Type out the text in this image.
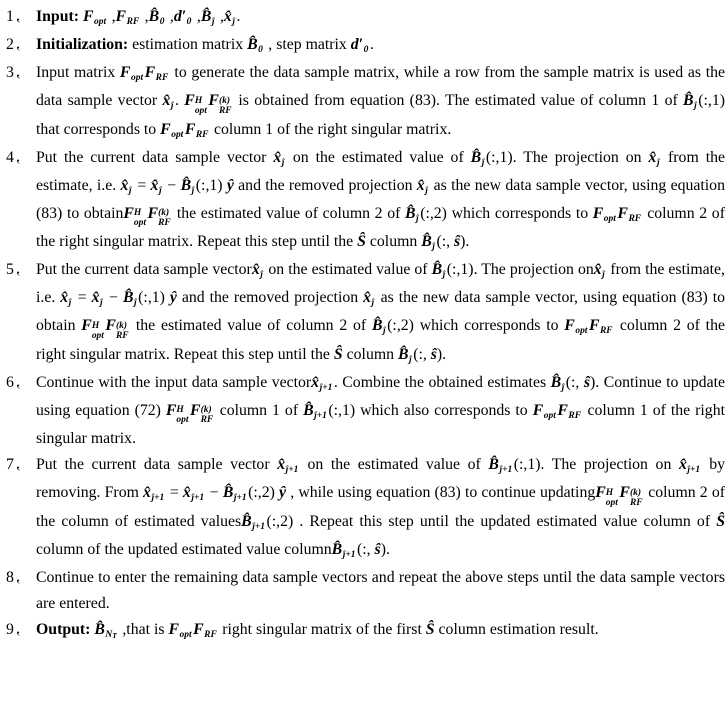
1 ,	Input: $F_{opt}$ $,F_{RF}$ $,B̂_0$ $,d'_0$ $,B̂_ĵ$ $,x̂_ĵ$.
2 ,	Initialization: estimation matrix $B̂_0$ , step matrix $d'_0$.
3 ,	Input matrix $F_{opt}F_{RF}$ to generate the data sample matrix, while a row from the sample matrix is used as the data sample vector $x̂_ĵ$. F H
opt
F (k)
RF
is obtained from equation (83). The estimated value of column 1 of $B̂_ĵ(:,1)$ that corresponds to $F_{opt}F_{RF}$ column 1 of the right singular matrix.
4 ,	Put the current data sample vector $x̂_ĵ$ on the estimated value of $B̂_ĵ(:,1)$. The projection on $x̂_ĵ$ from the estimate, i.e. $x̂_ĵ$ = $x̂_ĵ$ − $B̂_ĵ(:,1)$ ŷ and the removed projection $x̂_ĵ$ as the new data sample vector, using equation (83) to obtainF H
opt
F (k)
RF
the estimated value of column 2 of $B̂_ĵ(:,2)$ which corresponds to $F_{opt}F_{RF}$ column 2 of the right singular matrix. Repeat this step until the Ŝ column $B̂_ĵ$(:, ŝ).
5 ,	Put the current data sample $vectorx̂_ĵ$ on the estimated value of $B̂_ĵ(:,1)$. The projection $onx̂_ĵ$ from the estimate, i.e. $x̂_ĵ$ = $x̂_ĵ$ − $B̂_ĵ(:,1)$ ŷ and the removed projection $x̂_ĵ$ as the new data sample vector, using equation (83) to obtain F H
opt
F (k)
RF
the estimated value of column 2 of $B̂_ĵ(:,2)$ which corresponds to $F_{opt}F_{RF}$ column 2 of the right singular matrix. Repeat this step until the Ŝ column $B̂_ĵ$(:, ŝ).
6 ,	Continue with the input data sample $vectorx̂_{ĵ+1}$. Combine the obtained estimates $B̂_ĵ$(:, ŝ). Continue to update using equation (72) F H
opt
F (k)
RF
column 1 of $B̂_{ĵ+1}(:,1)$ which also corresponds to $F_{opt}F_{RF}$ column 1 of the right singular matrix.
7 ,	Put the current data sample vector $x̂_{ĵ+1}$ on the estimated value of $B̂_{ĵ+1}(:,1)$. The projection on $x̂_{ĵ+1}$ by removing. From $x̂_{ĵ+1}$ = $x̂_{ĵ+1}$ − $B̂_{ĵ+1}(:,2)$ ŷ , while using equation (83) to continue updatingF H
opt
F (k)
RF
column 2 of the column of estimated $valuesB̂_{ĵ+1}(:,2)$ . Repeat this step until the updated estimated value column of Ŝ column of the updated estimated value $columnB̂_{ĵ+1}$(:, ŝ).
8 ,	Continue to enter the remaining data sample vectors and repeat the above steps until the data sample vectors are entered.
9 ,	Output: $B̂_{NT}$ ,that is $F_{opt}F_{RF}$ right singular matrix of the first Ŝ column estimation result.
